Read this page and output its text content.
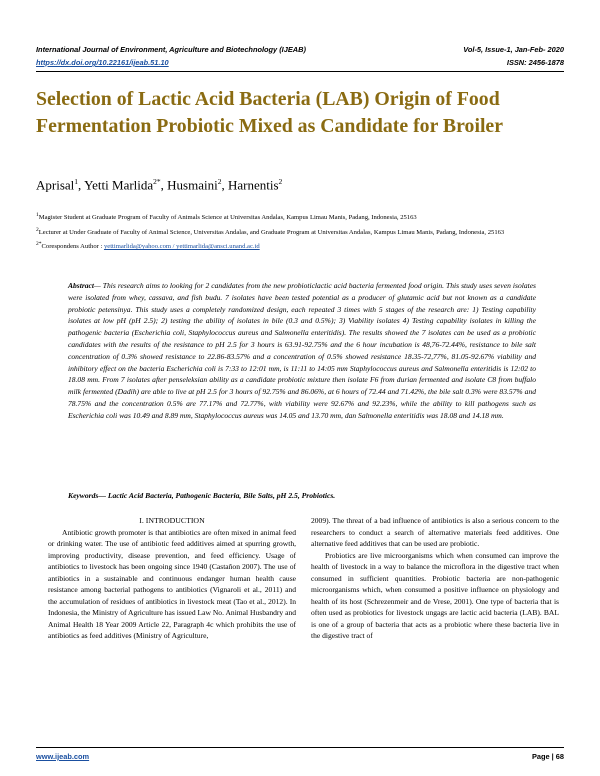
International Journal of Environment, Agriculture and Biotechnology (IJEAB)	Vol-5, Issue-1, Jan-Feb- 2020
https://dx.doi.org/10.22161/ijeab.51.10	ISSN: 2456-1878
Selection of Lactic Acid Bacteria (LAB) Origin of Food Fermentation Probiotic Mixed as Candidate for Broiler
Aprisal$^1$, Yetti Marlida$^{2*}$, Husmaini$^2$, Harnentis$^2$

$^1$Magister Student at Graduate Program of Faculty of Animals Science at Universitas Andalas, Kampus Limau Manis, Padang, Indonesia, 25163

$^2$Lecturer at Under Graduate of Faculty of Animal Science, Universitas Andalas, and Graduate Program at Universitas Andalas, Kampus Limau Manis, Padang, Indonesia, 25163

$^{2*}$Corespondens Author : yettimarlida@yahoo.com / yettimarlida@ansci.unand.ac.id

Abstract— This research aims to looking for 2 candidates from the new probioticlactic acid bacteria fermented food origin. This study uses seven isolates were isolated from whey, cassava, and fish budu. 7 isolates have been tested potential as a producer of glutamic acid but not known as a candidate probiotic petensinya. This study uses a completely randomized design, each repeated 3 times with 5 stages of the research are: 1) Testing capability isolates at low pH (pH 2.5); 2) testing the ability of isolates in bile (0.3 and 0.5%); 3) Viability isolates 4) Testing capability isolates in killing the pathogenic bacteria (Escherichia coli, Staphylococcus aureus and Salmonella enteritidis). The results showed the 7 isolates can be used as a probiotic candidates with the results of the resistance to pH 2.5 for 3 hours is 63.91-92.75% and the 6 hour incubation is 48,76-72.44%, resistance to bile salt concentration of 0.3% showed resistance to 22.86-83.57% and a concentration of 0.5% showed resistance 18.35-72,77%, 81.05-92.67% viability and inhibitory effect on the bacteria Escherichia coli is 7:33 to 12:01 mm, is 11:11 to 14:05 mm Staphylococcus aureus and Salmonella enteritidis is 12:02 to 18.08 mm. From 7 isolates after penseleksian ability as a candidate probiotic mixture then isolate F6 from durian fermented and isolate C8 from buffalo milk fermented (Dadih) are able to live at pH 2.5 for 3 hours of 92.75% and 86.06%, at 6 hours of 72.44 and 71.42%, the bile salt 0.3% were 83.57% and 78.75% and the concentration 0.5% are 77.17% and 72.77%, with viability were 92.67% and 92.23%, while the ability to kill pathogens such as Escherichia coli was 10.49 and 8.89 mm, Staphylococcus aureus was 14.05 and 13.70 mm, dan Salmonella enteritidis was 18.08 and 14.18 mm.

Keywords— Lactic Acid Bacteria, Pathogenic Bacteria, Bile Salts, pH 2.5, Probiotics.

I. INTRODUCTION

Antibiotic growth promoter is that antibiotics are often mixed in animal feed or drinking water. The use of antibiotic feed additives aimed at spurring growth, improving productivity, disease prevention, and feed efficiency. Usage of antibiotics to livestock has been ongoing since 1940 (Castañon 2007). The use of antibiotics in a sustainable and continuous endanger human health cause resistance among bacterial pathogens to antibiotics (Vignaroli et al., 2011) and the accumulation of residues of antibiotics in livestock meat (Tao et al., 2012). In Indonesia, the Ministry of Agriculture has issued Law No. Animal Husbandry and Animal Health 18 Year 2009 Article 22, Paragraph 4c which prohibits the use of antibiotics as feed additives (Ministry of Agriculture,

2009). The threat of a bad influence of antibiotics is also a serious concern to the researchers to conduct a search of alternative materials feed additives. One alternative feed additives that can be used are probiotic.

Probiotics are live microorganisms which when consumed can improve the health of livestock in a way to balance the microflora in the digestive tract when consumed in sufficient quantities. Probiotic bacteria are non-pathogenic microorganisms which, when consumed a positive influence on physiology and health of its host (Schrezenmeir and de Vrese, 2001). One type of bacteria that is often used as probiotics for livestock ungags are lactic acid bacteria (LAB). BAL is one of a group of bacteria that acts as a probiotic where these bacteria live in the digestive tract of

www.ijeab.com	Page | 68
